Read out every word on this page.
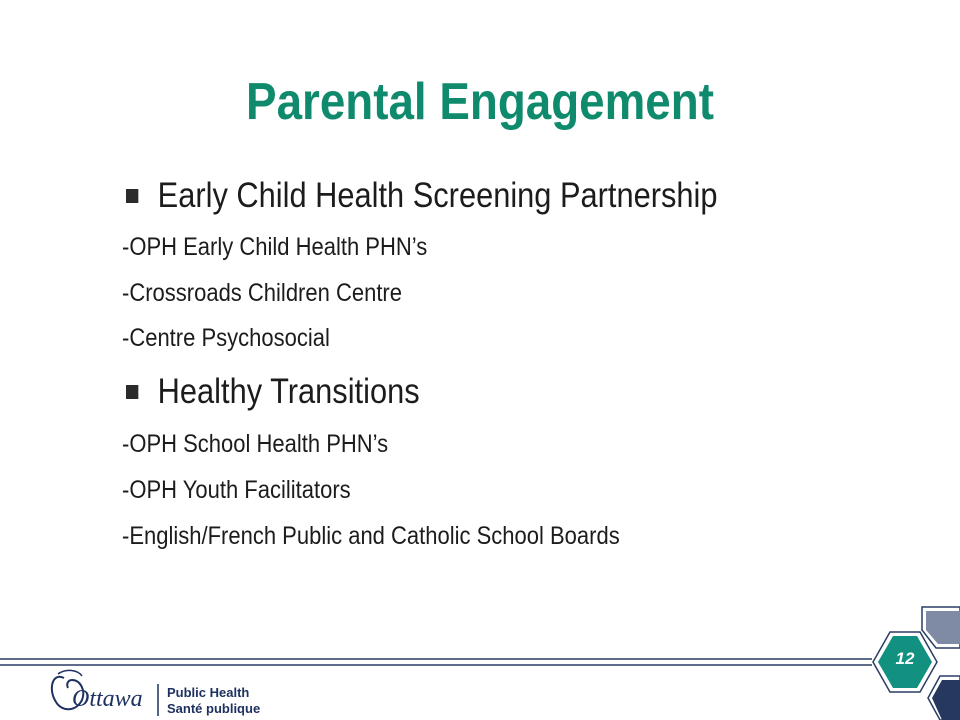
Parental Engagement
Early Child Health Screening Partnership
-OPH Early Child Health PHN’s
-Crossroads Children Centre
-Centre Psychosocial
Healthy Transitions
-OPH School Health PHN’s
-OPH Youth Facilitators
-English/French Public and Catholic School Boards
12
Ottawa Public Health
Santé publique
